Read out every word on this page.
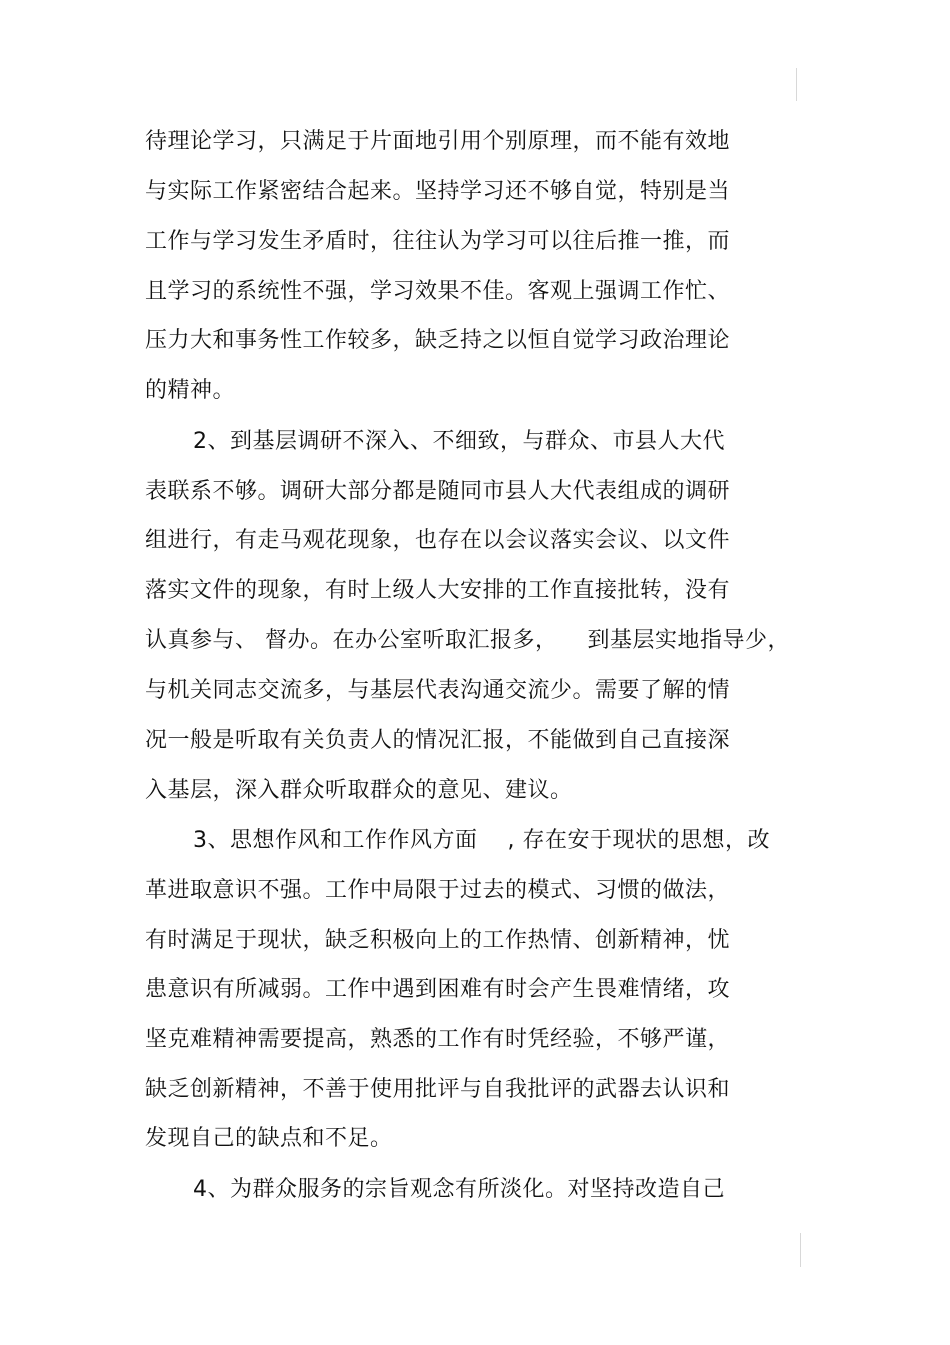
待理论学习，只满足于片面地引用个别原理，而不能有效地
与实际工作紧密结合起来。坚持学习还不够自觉，特别是当
工作与学习发生矛盾时，往往认为学习可以往后推一推，而
且学习的系统性不强，学习效果不佳。客观上强调工作忙、
压力大和事务性工作较多，缺乏持之以恒自觉学习政治理论
的精神。
2、到基层调研不深入、不细致，与群众、市县人大代
表联系不够。调研大部分都是随同市县人大代表组成的调研
组进行，有走马观花现象，也存在以会议落实会议、以文件
落实文件的现象，有时上级人大安排的工作直接批转，没有
认真参与、 督办。在办公室听取汇报多， 到基层实地指导少，
与机关同志交流多，与基层代表沟通交流少。需要了解的情
况一般是听取有关负责人的情况汇报，不能做到自己直接深
入基层，深入群众听取群众的意见、建议。
3、思想作风和工作作风方面 , 存在安于现状的思想，改
革进取意识不强。工作中局限于过去的模式、习惯的做法，
有时满足于现状，缺乏积极向上的工作热情、创新精神，忧
患意识有所减弱。工作中遇到困难有时会产生畏难情绪，攻
坚克难精神需要提高，熟悉的工作有时凭经验，不够严谨，
缺乏创新精神，不善于使用批评与自我批评的武器去认识和
发现自己的缺点和不足。
4、为群众服务的宗旨观念有所淡化。对坚持改造自己
